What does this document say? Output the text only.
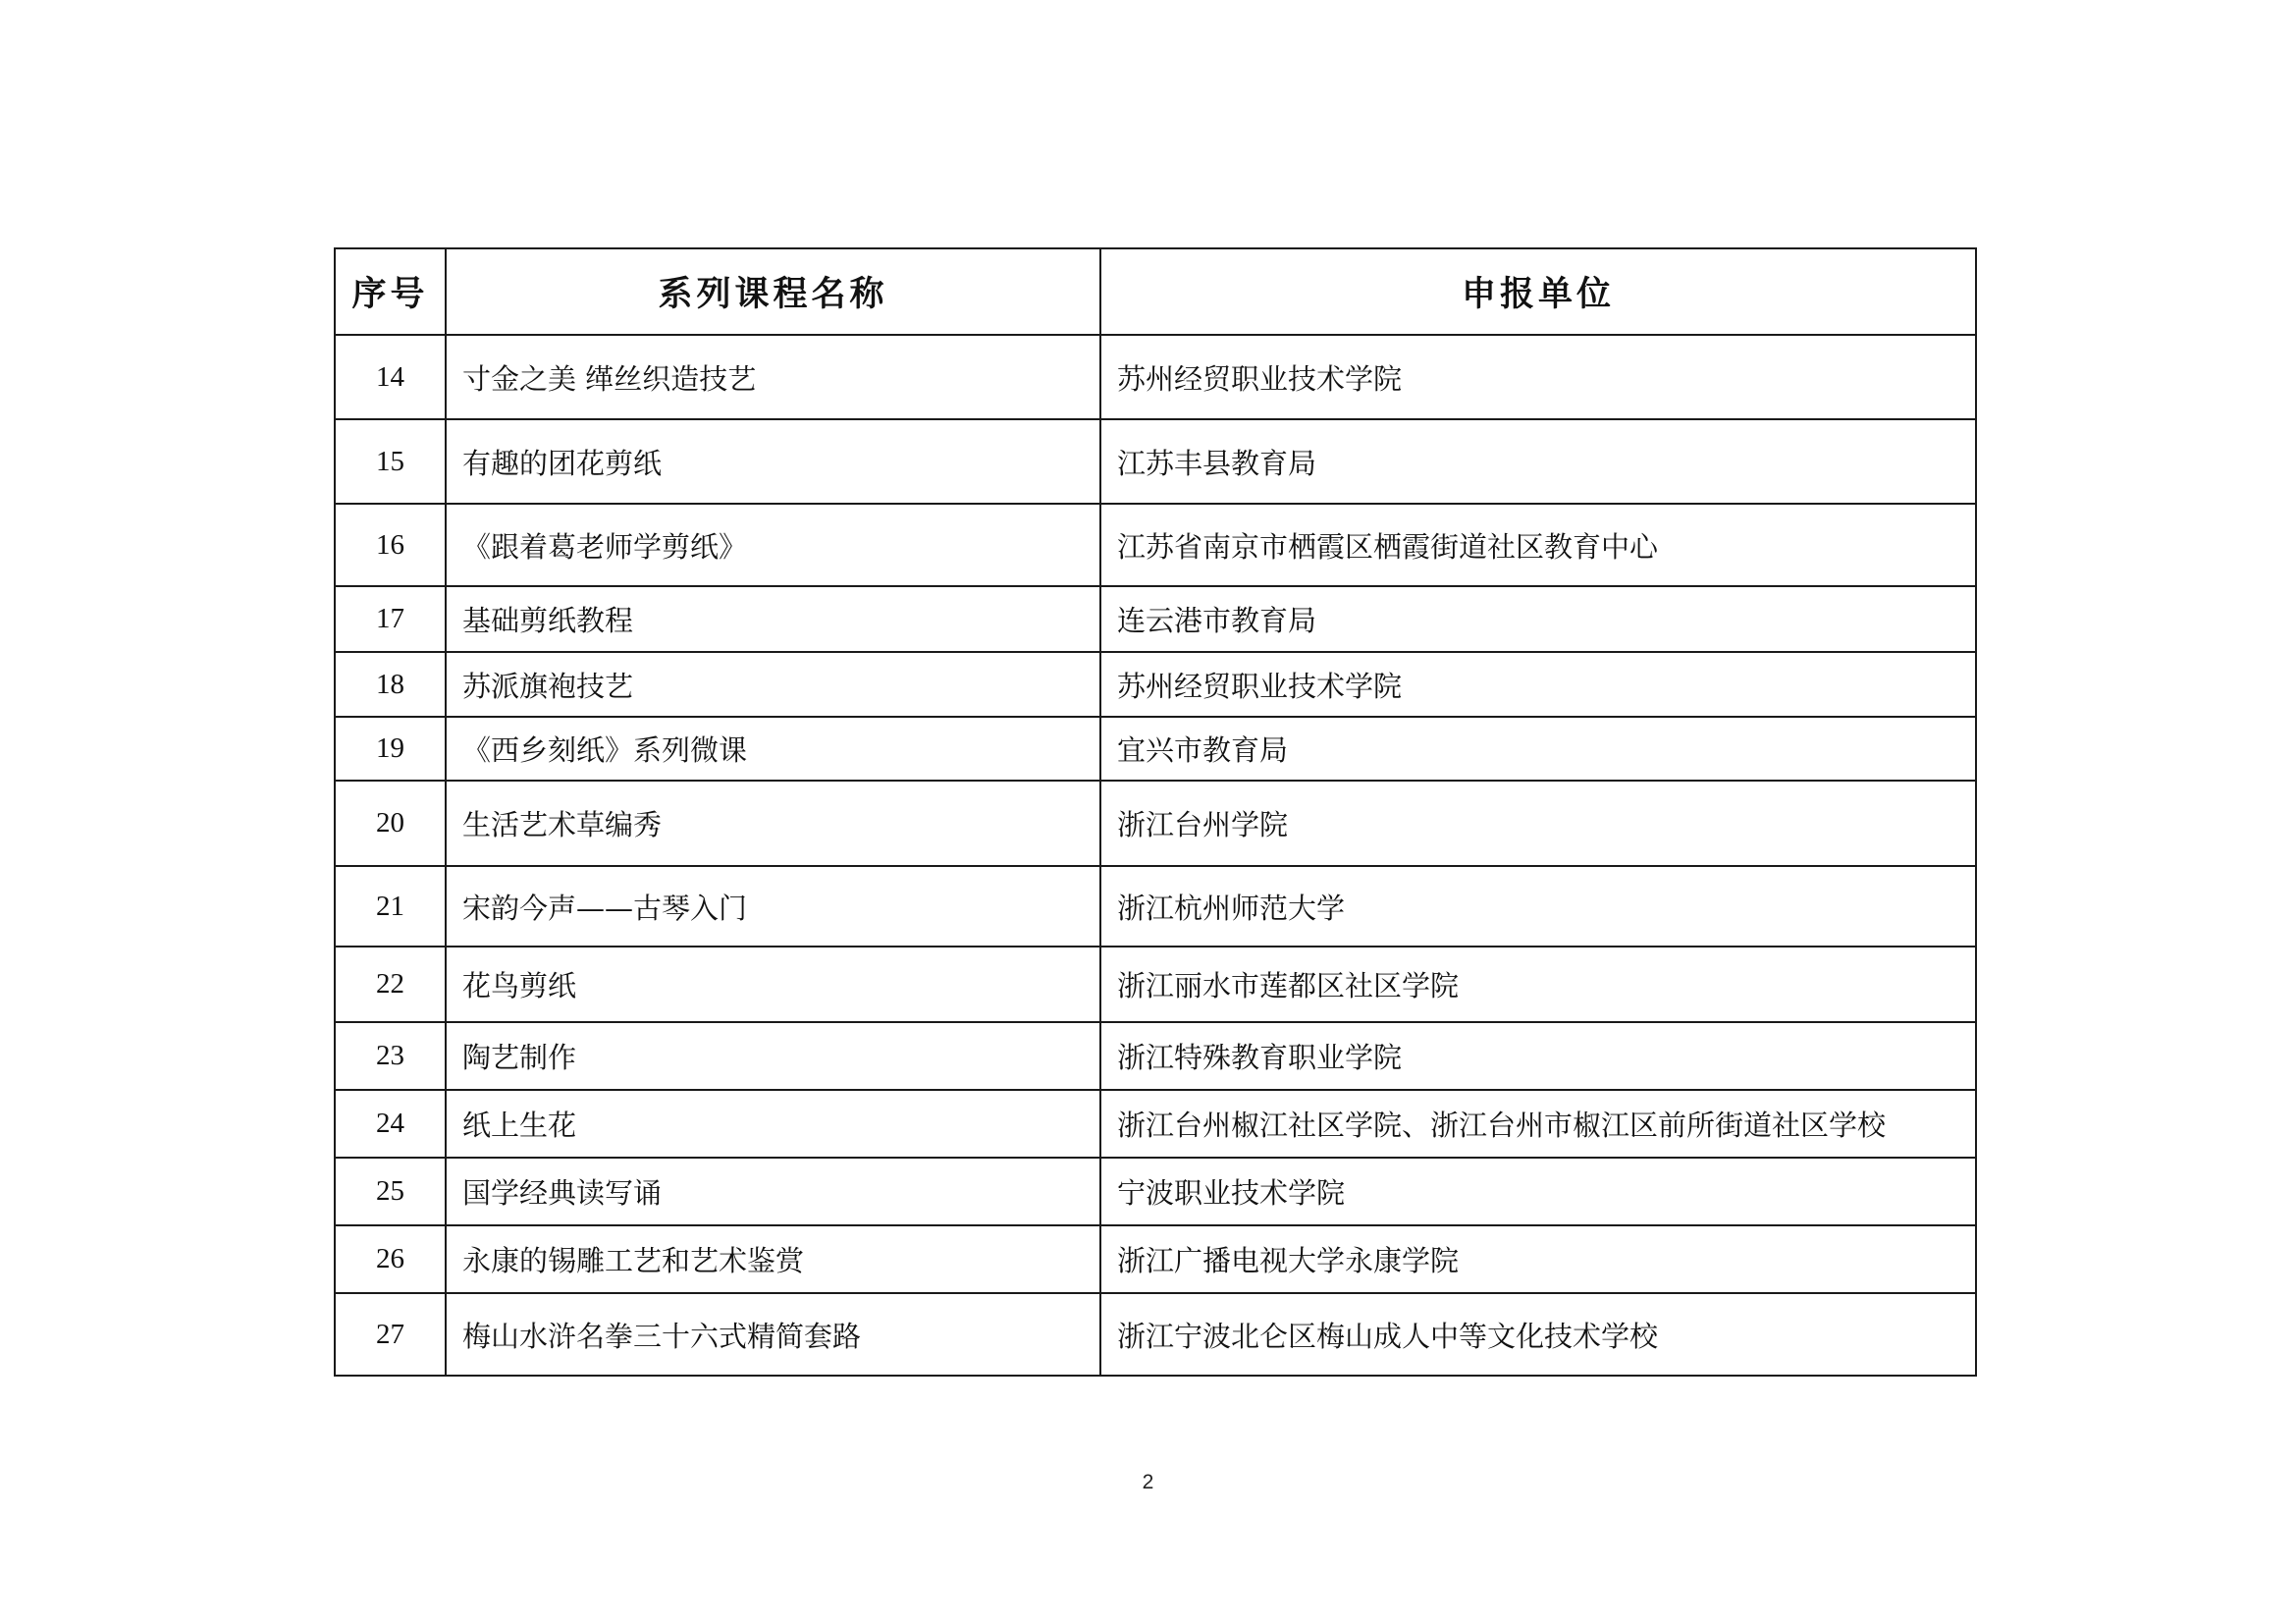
序号	系列课程名称	申报单位
14	寸金之美 缂丝织造技艺	苏州经贸职业技术学院
15	有趣的团花剪纸	江苏丰县教育局
16	《跟着葛老师学剪纸》	江苏省南京市栖霞区栖霞街道社区教育中心
17	基础剪纸教程	连云港市教育局
18	苏派旗袍技艺	苏州经贸职业技术学院
19	《西乡刻纸》系列微课	宜兴市教育局
20	生活艺术草编秀	浙江台州学院
21	宋韵今声——古琴入门	浙江杭州师范大学
22	花鸟剪纸	浙江丽水市莲都区社区学院
23	陶艺制作	浙江特殊教育职业学院
24	纸上生花	浙江台州椒江社区学院、浙江台州市椒江区前所街道社区学校
25	国学经典读写诵	宁波职业技术学院
26	永康的锡雕工艺和艺术鉴赏	浙江广播电视大学永康学院
27	梅山水浒名拳三十六式精简套路	浙江宁波北仑区梅山成人中等文化技术学校
2
